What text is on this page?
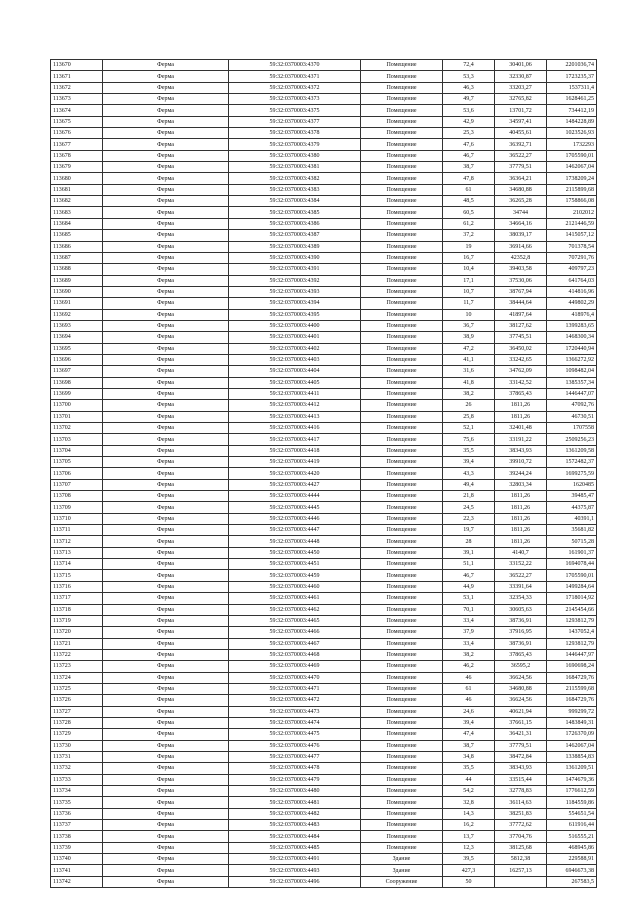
113670	Ферма	59:32:0370003:4370	Помещение	72,4	30401,06	2201036,74
113671	Ферма	59:32:0370003:4371	Помещение	53,3	32330,87	1723235,37
113672	Ферма	59:32:0370003:4372	Помещение	46,3	33203,27	1537311,4
113673	Ферма	59:32:0370003:4373	Помещение	49,7	32765,82	1628461,25
113674	Ферма	59:32:0370003:4375	Помещение	53,6	13701,72	734412,19
113675	Ферма	59:32:0370003:4377	Помещение	42,9	34597,41	1484228,89
113676	Ферма	59:32:0370003:4378	Помещение	25,3	40455,61	1023526,93
113677	Ферма	59:32:0370003:4379	Помещение	47,6	36392,71	1732293
113678	Ферма	59:32:0370003:4380	Помещение	46,7	36522,27	1705590,01
113679	Ферма	59:32:0370003:4381	Помещение	38,7	37779,51	1462067,04
113680	Ферма	59:32:0370003:4382	Помещение	47,8	36364,21	1738209,24
113681	Ферма	59:32:0370003:4383	Помещение	61	34680,88	2115899,68
113682	Ферма	59:32:0370003:4384	Помещение	48,5	36265,28	1758866,08
113683	Ферма	59:32:0370003:4385	Помещение	60,5	34744	2102012
113684	Ферма	59:32:0370003:4386	Помещение	61,2	34664,16	2121446,59
113685	Ферма	59:32:0370003:4387	Помещение	37,2	38039,17	1415057,12
113686	Ферма	59:32:0370003:4389	Помещение	19	36914,66	701378,54
113687	Ферма	59:32:0370003:4390	Помещение	16,7	42352,8	707291,76
113688	Ферма	59:32:0370003:4391	Помещение	10,4	39403,58	409797,23
113689	Ферма	59:32:0370003:4392	Помещение	17,1	37530,06	641764,03
113690	Ферма	59:32:0370003:4393	Помещение	10,7	38767,94	414816,96
113691	Ферма	59:32:0370003:4394	Помещение	11,7	38444,64	449802,29
113692	Ферма	59:32:0370003:4395	Помещение	10	41897,64	418976,4
113693	Ферма	59:32:0370003:4400	Помещение	36,7	38127,62	1399283,65
113694	Ферма	59:32:0370003:4401	Помещение	38,9	37745,51	1468300,34
113695	Ферма	59:32:0370003:4402	Помещение	47,2	36450,02	1720440,94
113696	Ферма	59:32:0370003:4403	Помещение	41,1	33242,65	1366272,92
113697	Ферма	59:32:0370003:4404	Помещение	31,6	34762,09	1098482,04
113698	Ферма	59:32:0370003:4405	Помещение	41,8	33142,52	1385357,34
113699	Ферма	59:32:0370003:4411	Помещение	38,2	37865,43	1446447,07
113700	Ферма	59:32:0370003:4412	Помещение	26	1811,26	47092,76
113701	Ферма	59:32:0370003:4413	Помещение	25,8	1811,26	46730,51
113702	Ферма	59:32:0370003:4416	Помещение	52,1	32401,48	1707558
113703	Ферма	59:32:0370003:4417	Помещение	75,6	33191,22	2509256,23
113704	Ферма	59:32:0370003:4418	Помещение	35,5	38343,93	1361209,58
113705	Ферма	59:32:0370003:4419	Помещение	39,4	39910,72	1572482,37
113706	Ферма	59:32:0370003:4420	Помещение	43,3	39244,24	1699275,59
113707	Ферма	59:32:0370003:4427	Помещение	49,4	32803,34	1620485
113708	Ферма	59:32:0370003:4444	Помещение	21,8	1811,26	39485,47
113709	Ферма	59:32:0370003:4445	Помещение	24,5	1811,26	44375,87
113710	Ферма	59:32:0370003:4446	Помещение	22,3	1811,26	40391,1
113711	Ферма	59:32:0370003:4447	Помещение	19,7	1811,26	35681,82
113712	Ферма	59:32:0370003:4448	Помещение	28	1811,26	50715,28
113713	Ферма	59:32:0370003:4450	Помещение	39,1	4140,7	161901,37
113714	Ферма	59:32:0370003:4451	Помещение	51,1	33152,22	1694078,44
113715	Ферма	59:32:0370003:4459	Помещение	46,7	36522,27	1705590,01
113716	Ферма	59:32:0370003:4460	Помещение	44,9	33391,64	1499284,64
113717	Ферма	59:32:0370003:4461	Помещение	53,1	32354,33	1718014,92
113718	Ферма	59:32:0370003:4462	Помещение	70,1	30605,63	2145454,66
113719	Ферма	59:32:0370003:4465	Помещение	33,4	38736,91	1293812,79
113720	Ферма	59:32:0370003:4466	Помещение	37,9	37916,95	1437052,4
113721	Ферма	59:32:0370003:4467	Помещение	33,4	38736,91	1293812,79
113722	Ферма	59:32:0370003:4468	Помещение	38,2	37865,43	1446447,97
113723	Ферма	59:32:0370003:4469	Помещение	46,2	36595,2	1690698,24
113724	Ферма	59:32:0370003:4470	Помещение	46	36624,56	1684729,76
113725	Ферма	59:32:0370003:4471	Помещение	61	34680,88	2115599,68
113726	Ферма	59:32:0370003:4472	Помещение	46	36624,56	1684729,76
113727	Ферма	59:32:0370003:4473	Помещение	24,6	40621,94	999299,72
113728	Ферма	59:32:0370003:4474	Помещение	39,4	37661,15	1483849,31
113729	Ферма	59:32:0370003:4475	Помещение	47,4	36421,31	1726370,09
113730	Ферма	59:32:0370003:4476	Помещение	38,7	37779,51	1462067,04
113731	Ферма	59:32:0370003:4477	Помещение	34,8	38472,84	1338854,83
113732	Ферма	59:32:0370003:4478	Помещение	35,5	38343,93	1361209,51
113733	Ферма	59:32:0370003:4479	Помещение	44	33515,44	1474679,36
113734	Ферма	59:32:0370003:4480	Помещение	54,2	32778,83	1776612,59
113735	Ферма	59:32:0370003:4481	Помещение	32,8	36114,63	1184559,86
113736	Ферма	59:32:0370003:4482	Помещение	14,3	38251,83	554651,54
113737	Ферма	59:32:0370003:4483	Помещение	16,2	37772,62	611916,44
113738	Ферма	59:32:0370003:4484	Помещение	13,7	37704,76	516555,21
113739	Ферма	59:32:0370003:4485	Помещение	12,3	38125,68	468945,86
113740	Ферма	59:32:0370003:4491	Здание	39,5	5812,38	229588,91
113741	Ферма	59:32:0370003:4493	Здание	427,3	16257,13	6946673,38
113742	Ферма	59:32:0370003:4496	Сооружение	50		267583,5
